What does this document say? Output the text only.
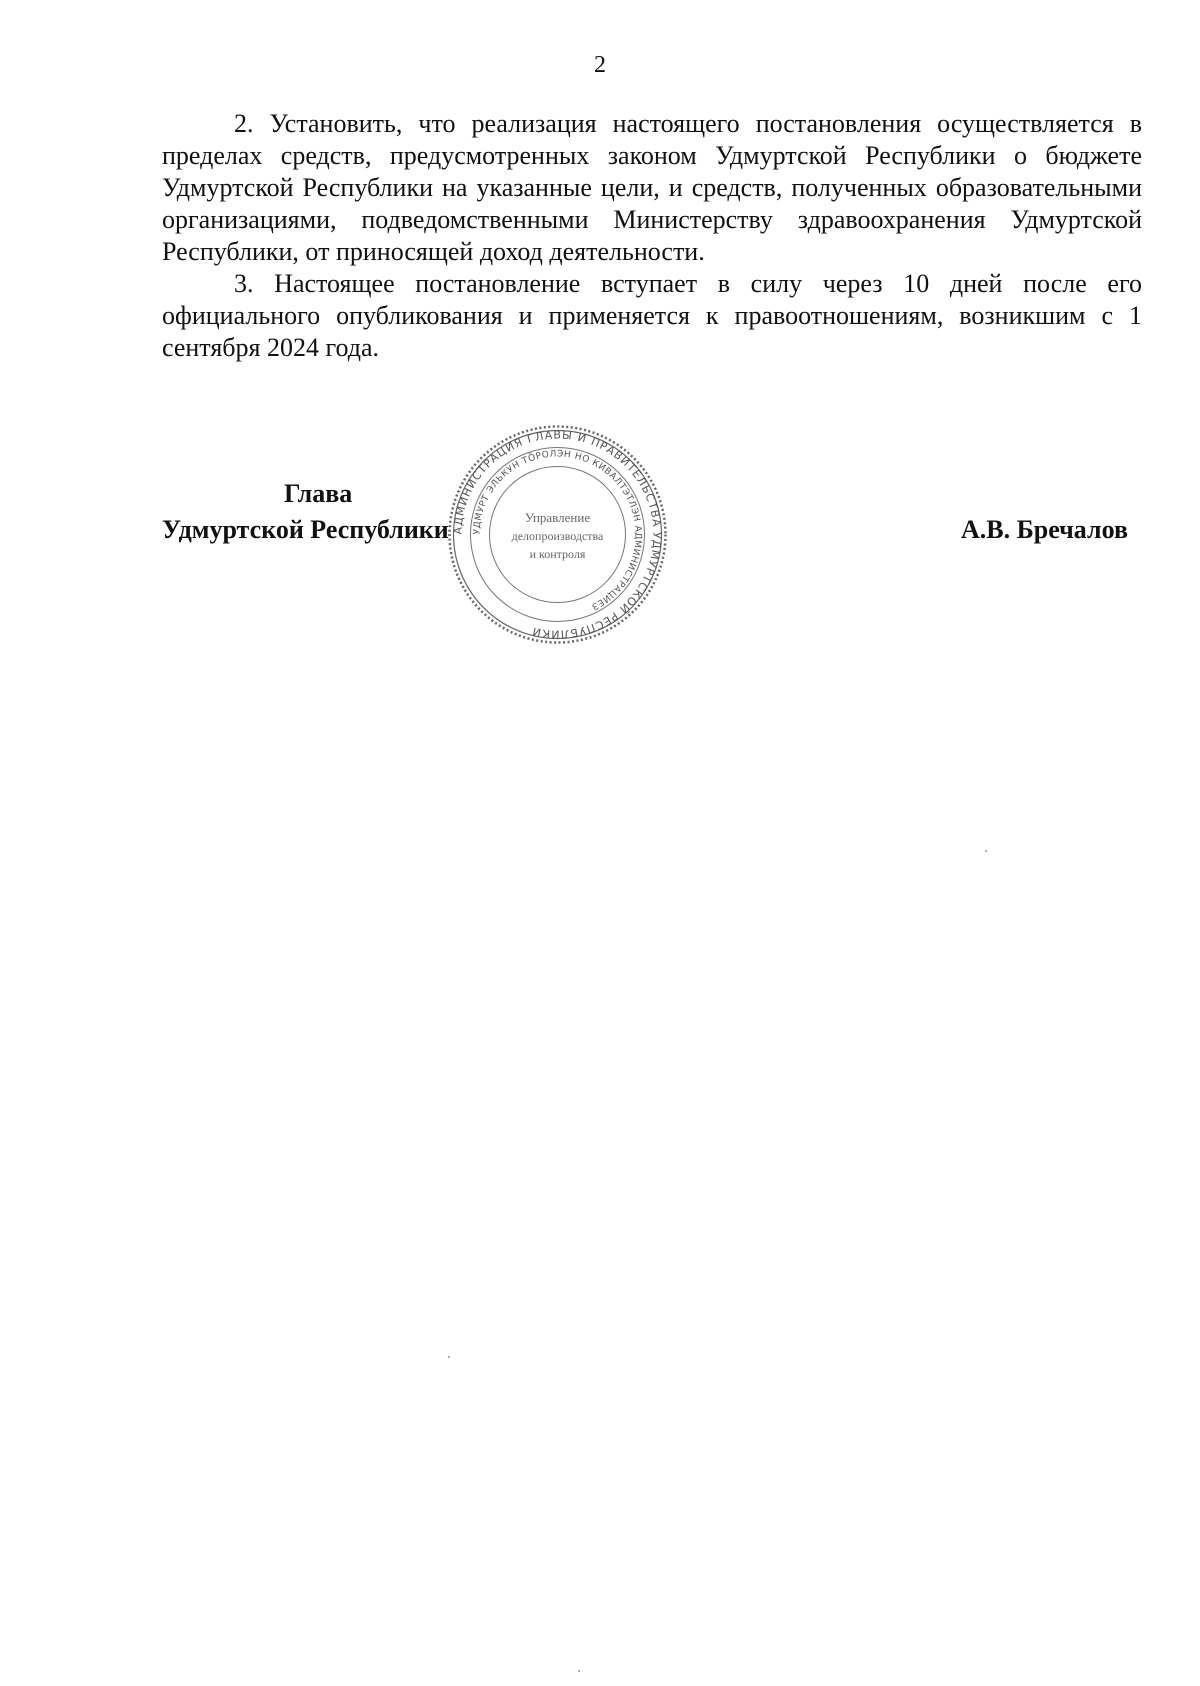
2

2. Установить, что реализация настоящего постановления осуществляется в пределах средств, предусмотренных законом Удмуртской Республики о бюджете Удмуртской Республики на указанные цели, и средств, полученных образовательными организациями, подведомственными Министерству здравоохранения Удмуртской Республики, от приносящей доход деятельности.

3. Настоящее постановление вступает в силу через 10 дней после его официального опубликования и применяется к правоотношениям, возникшим с 1 сентября 2024 года.

АДМИНИСТРАЦИЯ ГЛАВЫ И ПРАВИТЕЛЬСТВА УДМУРТСКОЙ РЕСПУБЛИКИ
УДМУРТ ЭЛЬКУН ТӦРОЛЭН НО КИВАЛТЭТЛЭН АДМИНИСТРАЦИЕЗ
Управление
делопроизводства
и контроля
Глава
Удмуртской Республики	А.В. Бречалов
